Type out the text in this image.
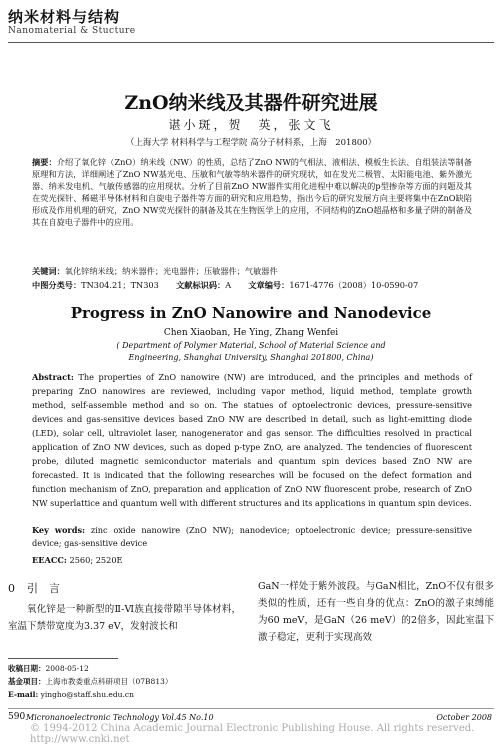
纳米材料与结构
Nanomaterial & Stucture
ZnO纳米线及其器件研究进展
谌小斑，贺　英，张文飞
（上海大学 材料科学与工程学院 高分子材料系，上海　201800）
摘要：介绍了氧化锌（ZnO）纳米线（NW）的性质，总结了ZnO NW的气相法、液相法、模板生长法、自组装法等制备原理和方法，详细阐述了ZnO NW基光电、压敏和气敏等纳米器件的研究现状，如在发光二极管、太阳能电池、紫外激光器、纳米发电机、气敏传感器的应用现状。分析了目前ZnO NW器件实用化进程中难以解决的p型掺杂等方面的问题及其在荧光探针、稀磁半导体材料和自旋电子器件等方面的研究和应用趋势，指出今后的研究发展方向主要将集中在ZnO缺陷形成及作用机理的研究，ZnO NW荧光探针的制备及其在生物医学上的应用，不同结构的ZnO超晶格和多量子阱的制备及其在自旋电子器件中的应用。
关键词：氧化锌纳米线；纳米器件；光电器件；压敏器件；气敏器件
中图分类号：TN304.21；TN303 文献标识码：A 文章编号：1671-4776（2008）10-0590-07
Progress in ZnO Nanowire and Nanodevice
Chen Xiaoban, He Ying, Zhang Wenfei
( Department of Polymer Material, School of Material Science and
Engineering, Shanghai University, Shanghai 201800, China)
Abstract: The properties of ZnO nanowire (NW) are introduced, and the principles and methods of preparing ZnO nanowires are reviewed, including vapor method, liquid method, template growth method, self-assemble method and so on. The statues of optoelectronic devices, pressure-sensitive devices and gas-sensitive devices based ZnO NW are described in detail, such as light-emitting diode (LED), solar cell, ultraviolet laser, nanogenerator and gas sensor. The difficulties resolved in practical application of ZnO NW devices, such as doped p-type ZnO, are analyzed. The tendencies of fluorescent probe, diluted magnetic semiconductor materials and quantum spin devices based ZnO NW are forecasted. It is indicated that the following researches will be focused on the defect formation and function mechanism of ZnO, preparation and application of ZnO NW fluorescent probe, research of ZnO NW superlattice and quantum well with different structures and its applications in quantum spin devices.
Key words: zinc oxide nanowire (ZnO NW); nanodevice; optoelectronic device; pressure-sensitive device; gas-sensitive device
EEACC: 2560; 2520E
0 引　言
氧化锌是一种新型的Ⅱ-Ⅵ族直接带隙半导体材料，室温下禁带宽度为3.37 eV，发射波长和
GaN一样处于紫外波段。与GaN相比，ZnO不仅有很多类似的性质，还有一些自身的优点：ZnO的激子束缚能为60 meV，是GaN（26 meV）的2倍多，因此室温下激子稳定，更利于实现高效
收稿日期：2008-05-12
基金项目：上海市教委重点科研项目（07B813）
E-mail: yingho@staff.shu.edu.cn
590 Micronanoelectronic Technology Vol.45 No.10	October 2008
© 1994-2012 China Academic Journal Electronic Publishing House. All rights reserved. http://www.cnki.net
